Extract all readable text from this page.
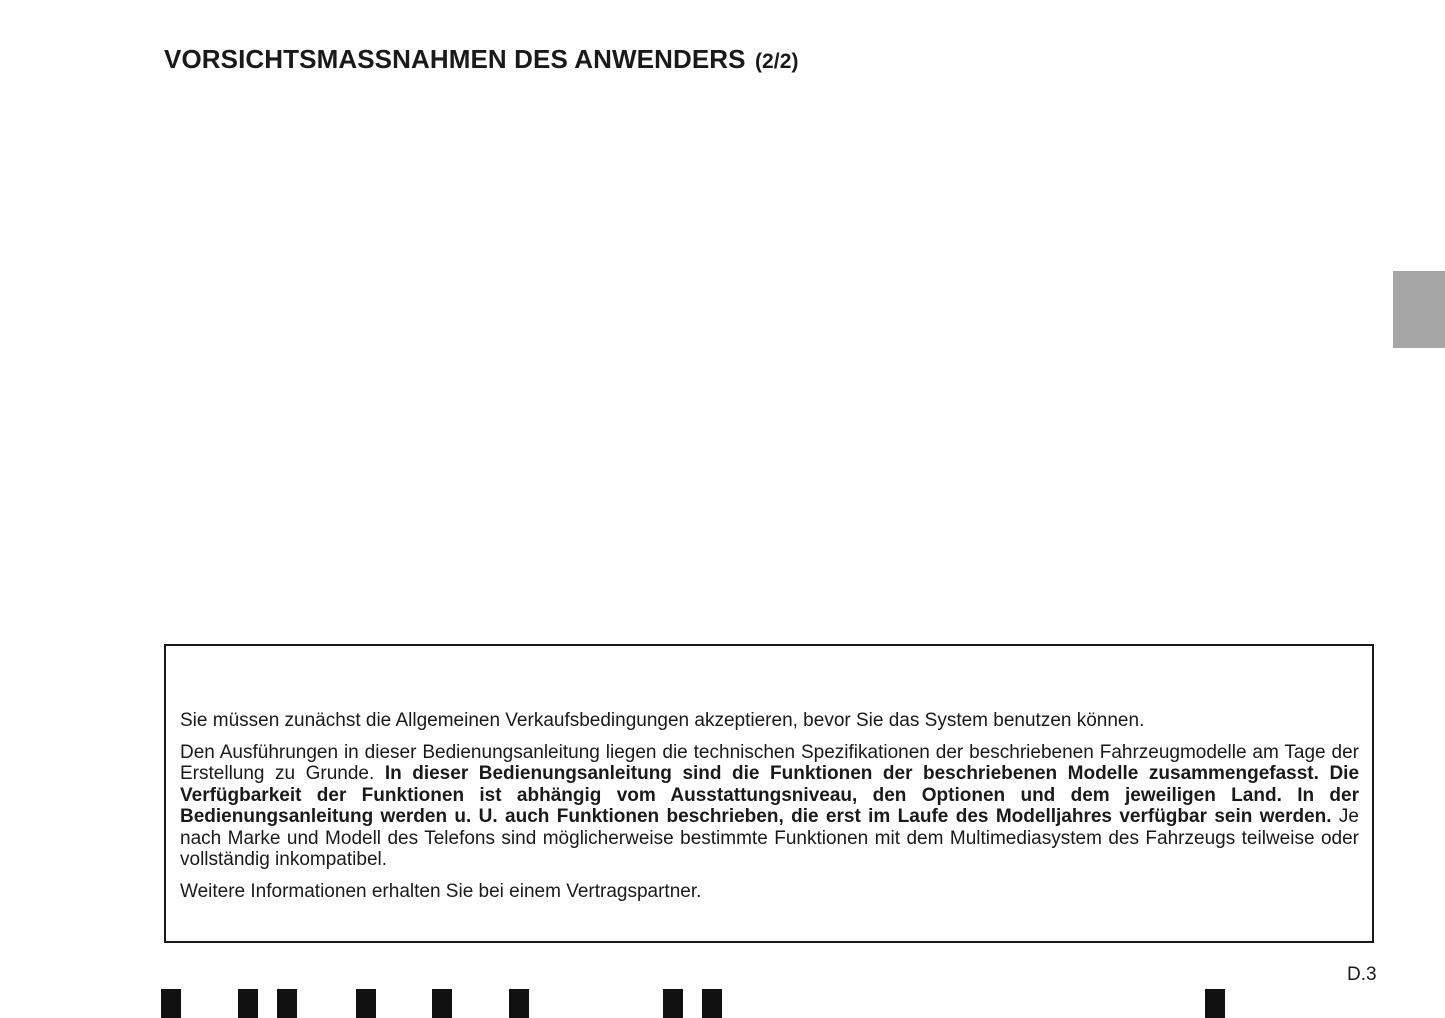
VORSICHTSMASSNAHMEN DES ANWENDERS (2/2)

Sie müssen zunächst die Allgemeinen Verkaufsbedingungen akzeptieren, bevor Sie das System benutzen können.

Den Ausführungen in dieser Bedienungsanleitung liegen die technischen Spezifikationen der beschriebenen Fahrzeugmodelle am Tage der Erstellung zu Grunde. In dieser Bedienungsanleitung sind die Funktionen der beschriebenen Modelle zusammengefasst. Die Verfügbarkeit der Funktionen ist abhängig vom Ausstattungsniveau, den Optionen und dem jeweiligen Land. In der Bedienungsanleitung werden u. U. auch Funktionen beschrieben, die erst im Laufe des Modelljahres verfügbar sein werden. Je nach Marke und Modell des Telefons sind möglicherweise bestimmte Funktionen mit dem Multimediasystem des Fahrzeugs teilweise oder vollständig inkompatibel.

Weitere Informationen erhalten Sie bei einem Vertragspartner.

D.3
